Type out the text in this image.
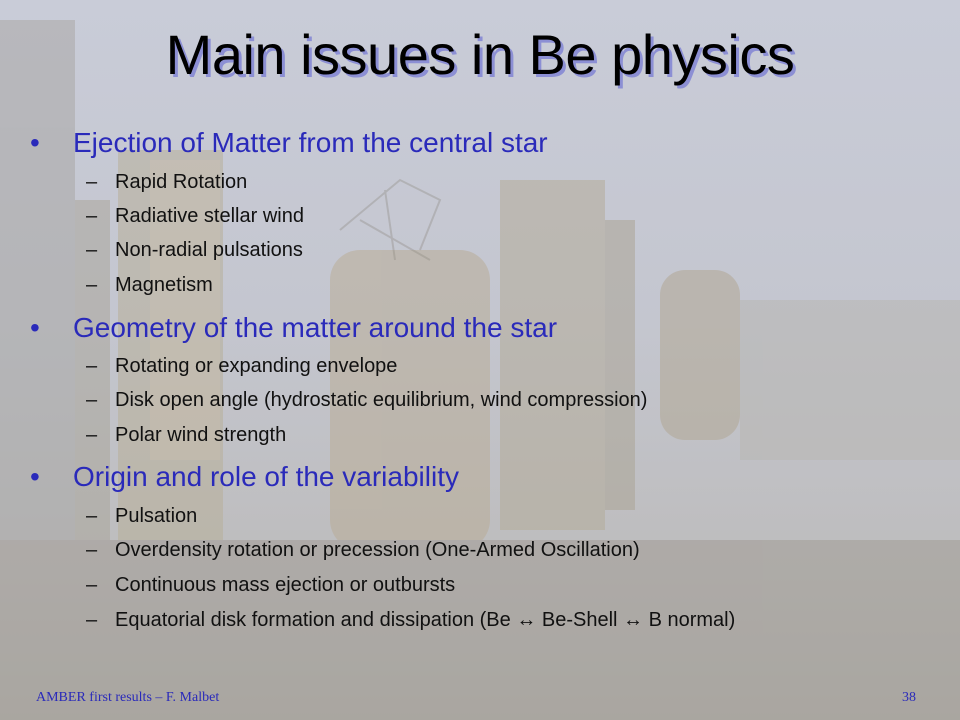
Main issues in Be physics
•	Ejection of Matter from the central star
– Rapid Rotation
– Radiative stellar wind
– Non-radial pulsations
– Magnetism
•	Geometry of the matter around the star
– Rotating or expanding envelope
– Disk open angle (hydrostatic equilibrium, wind compression)
– Polar wind strength
•	Origin and role of the variability
– Pulsation
– Overdensity rotation or precession (One-Armed Oscillation)
– Continuous mass ejection or outbursts
– Equatorial disk formation and dissipation (Be ↔ Be-Shell ↔ B normal)
AMBER first results – F. Malbet	38
